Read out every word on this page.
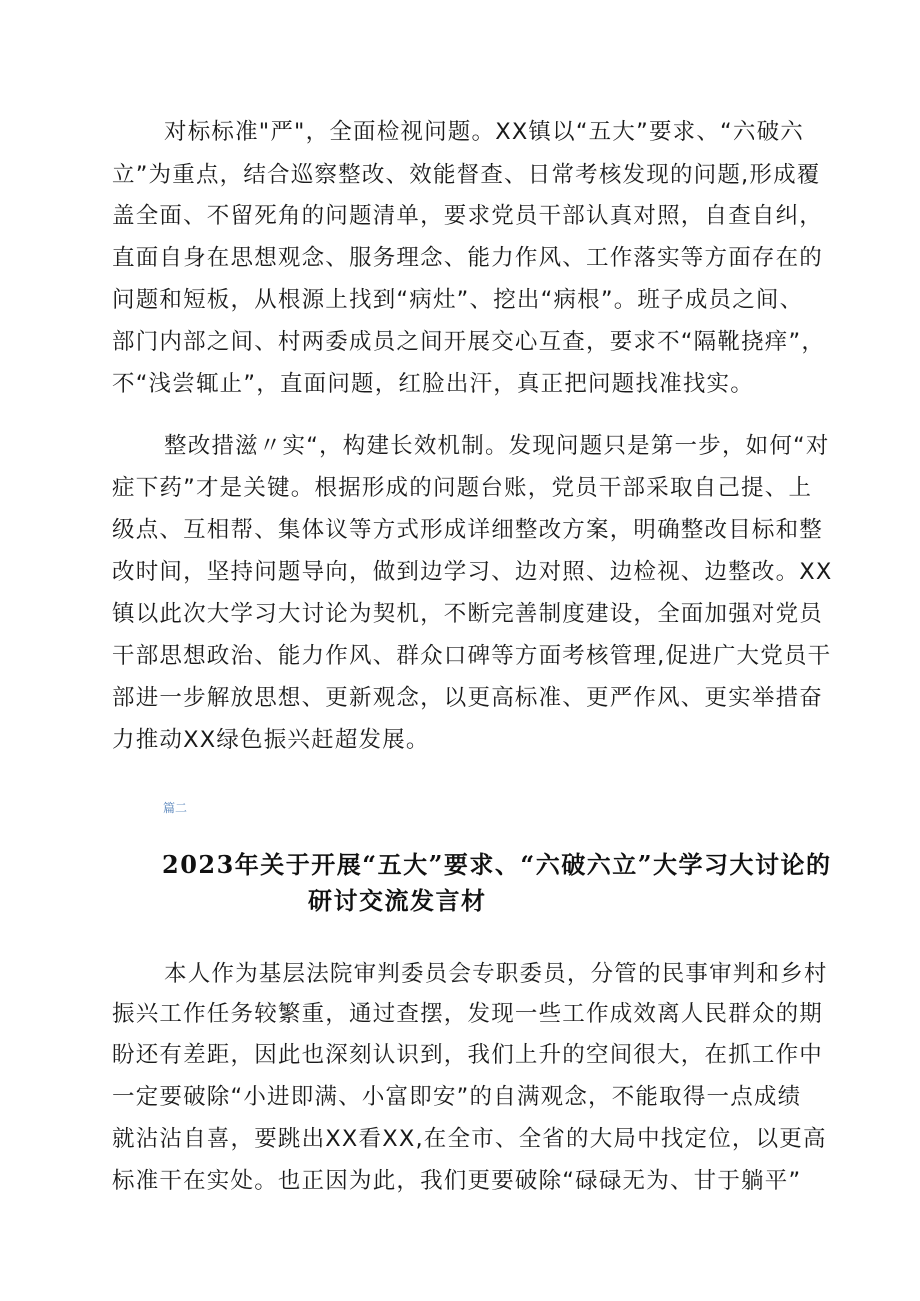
对标标准"严"，全面检视问题。XX镇以“五大”要求、“六破六
立”为重点，结合巡察整改、效能督查、日常考核发现的问题,形成覆
盖全面、不留死角的问题清单，要求党员干部认真对照，自查自纠，
直面自身在思想观念、服务理念、能力作风、工作落实等方面存在的
问题和短板，从根源上找到“病灶”、挖出“病根”。班子成员之间、
部门内部之间、村两委成员之间开展交心互查，要求不“隔靴挠痒”，
不“浅尝辄止”，直面问题，红脸出汗，真正把问题找准找实。
整改措滋〃实“，构建长效机制。发现问题只是第一步，如何“对
症下药”才是关键。根据形成的问题台账，党员干部采取自己提、上
级点、互相帮、集体议等方式形成详细整改方案，明确整改目标和整
改时间，坚持问题导向，做到边学习、边对照、边检视、边整改。XX
镇以此次大学习大讨论为契机，不断完善制度建设，全面加强对党员
干部思想政治、能力作风、群众口碑等方面考核管理,促进广大党员干
部进一步解放思想、更新观念，以更高标准、更严作风、更实举措奋
力推动XX绿色振兴赶超发展。
篇二
2023年关于开展“五大”要求、“六破六立”大学习大讨论的
研讨交流发言材
本人作为基层法院审判委员会专职委员，分管的民事审判和乡村
振兴工作任务较繁重，通过查摆，发现一些工作成效离人民群众的期
盼还有差距，因此也深刻认识到，我们上升的空间很大，在抓工作中
一定要破除“小进即满、小富即安”的自满观念，不能取得一点成绩
就沾沾自喜，要跳出XX看XX,在全市、全省的大局中找定位，以更高
标准干在实处。也正因为此，我们更要破除“碌碌无为、甘于躺平”
